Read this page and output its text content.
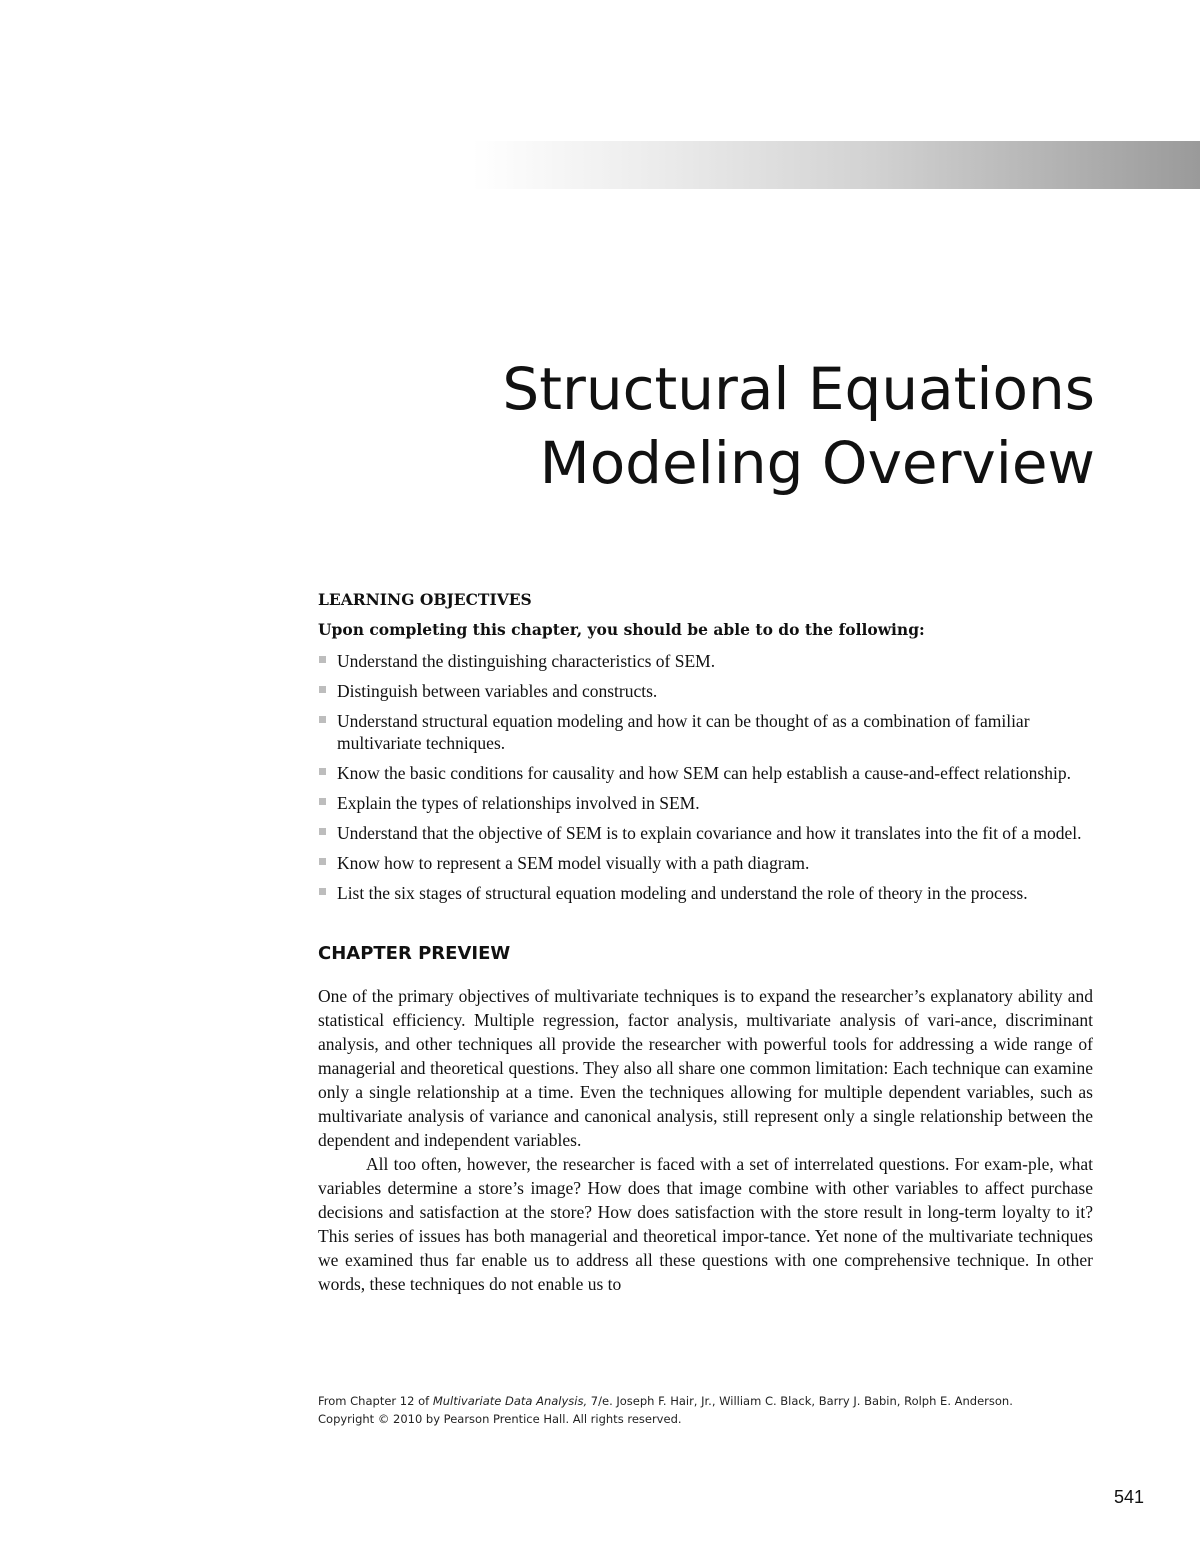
Structural Equations
Modeling Overview
LEARNING OBJECTIVES
Upon completing this chapter, you should be able to do the following:
Understand the distinguishing characteristics of SEM.
Distinguish between variables and constructs.
Understand structural equation modeling and how it can be thought of as a combination of familiar multivariate techniques.
Know the basic conditions for causality and how SEM can help establish a cause-and-effect relationship.
Explain the types of relationships involved in SEM.
Understand that the objective of SEM is to explain covariance and how it translates into the fit of a model.
Know how to represent a SEM model visually with a path diagram.
List the six stages of structural equation modeling and understand the role of theory in the process.
CHAPTER PREVIEW

One of the primary objectives of multivariate techniques is to expand the researcher’s explanatory ability and statistical efficiency. Multiple regression, factor analysis, multivariate analysis of vari-ance, discriminant analysis, and other techniques all provide the researcher with powerful tools for addressing a wide range of managerial and theoretical questions. They also all share one common limitation: Each technique can examine only a single relationship at a time. Even the techniques allowing for multiple dependent variables, such as multivariate analysis of variance and canonical analysis, still represent only a single relationship between the dependent and independent variables.

All too often, however, the researcher is faced with a set of interrelated questions. For exam-ple, what variables determine a store’s image? How does that image combine with other variables to affect purchase decisions and satisfaction at the store? How does satisfaction with the store result in long-term loyalty to it? This series of issues has both managerial and theoretical impor-tance. Yet none of the multivariate techniques we examined thus far enable us to address all these questions with one comprehensive technique. In other words, these techniques do not enable us to

From Chapter 12 of Multivariate Data Analysis, 7/e. Joseph F. Hair, Jr., William C. Black, Barry J. Babin, Rolph E. Anderson.
Copyright © 2010 by Pearson Prentice Hall. All rights reserved.
541
